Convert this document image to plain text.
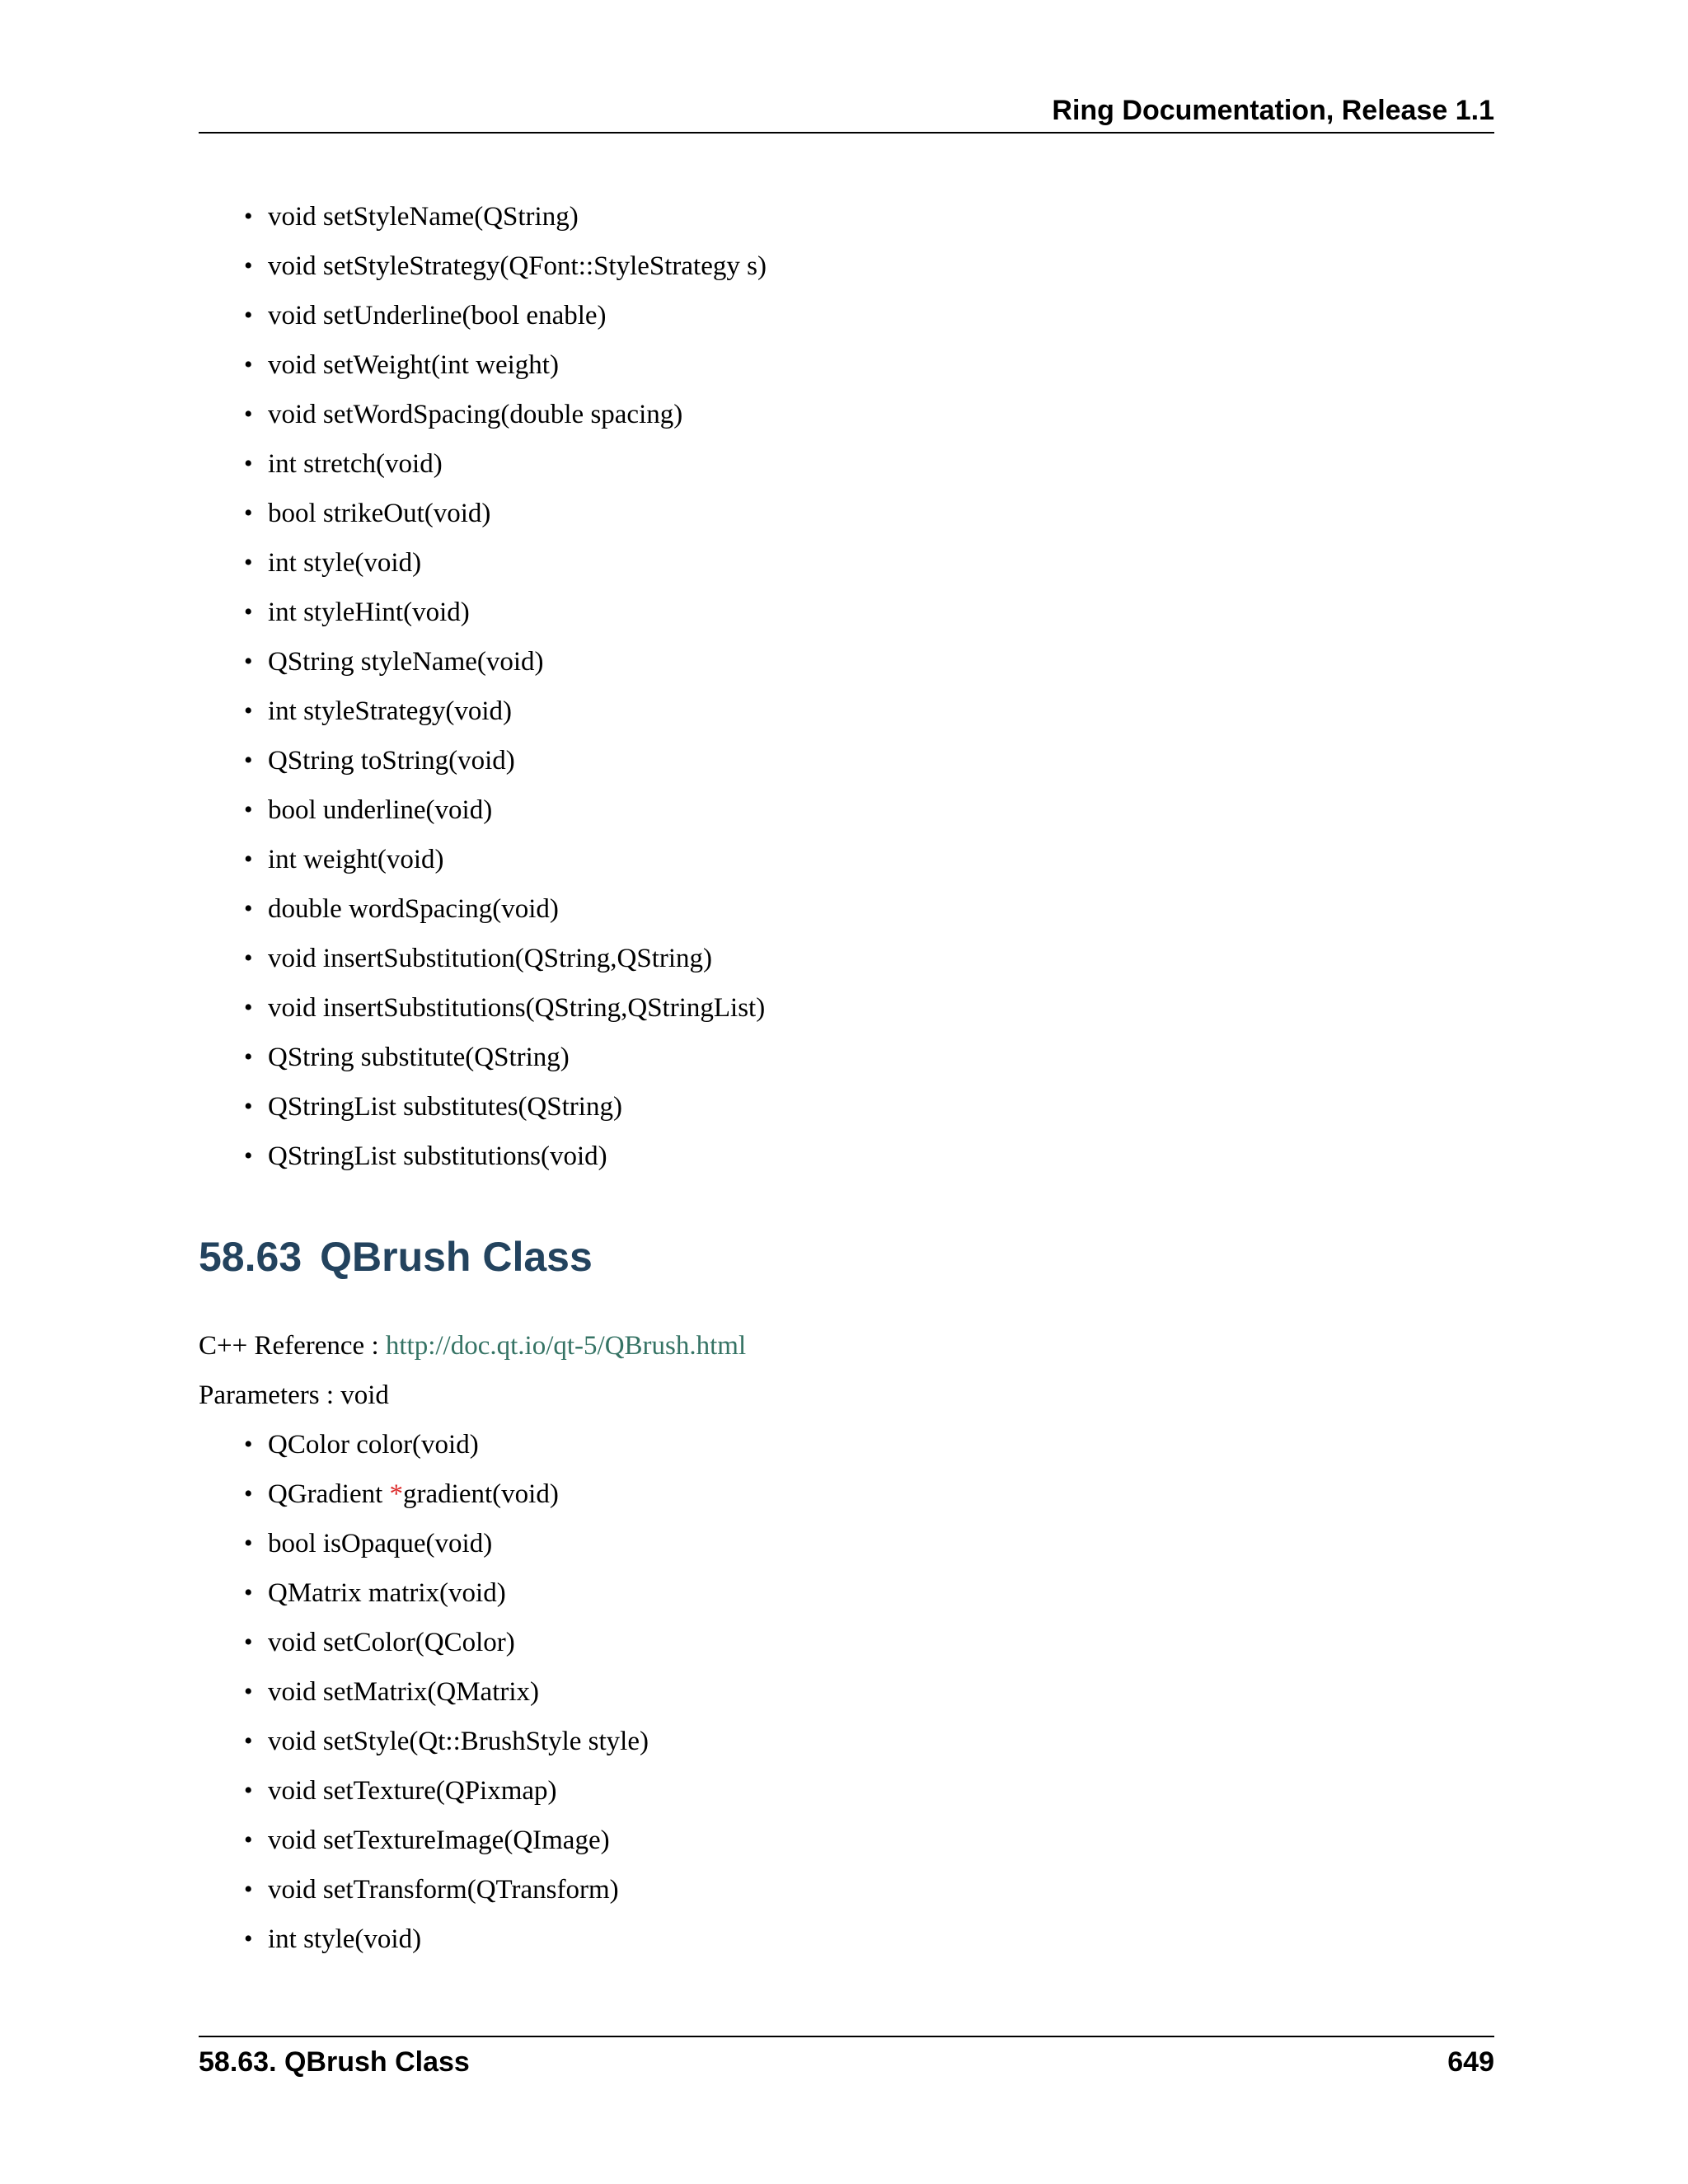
Ring Documentation, Release 1.1
• void setStyleName(QString)
• void setStyleStrategy(QFont::StyleStrategy s)
• void setUnderline(bool enable)
• void setWeight(int weight)
• void setWordSpacing(double spacing)
• int stretch(void)
• bool strikeOut(void)
• int style(void)
• int styleHint(void)
• QString styleName(void)
• int styleStrategy(void)
• QString toString(void)
• bool underline(void)
• int weight(void)
• double wordSpacing(void)
• void insertSubstitution(QString,QString)
• void insertSubstitutions(QString,QStringList)
• QString substitute(QString)
• QStringList substitutes(QString)
• QStringList substitutions(void)
58.63 QBrush Class
C++ Reference : http://doc.qt.io/qt-5/QBrush.html
Parameters : void
• QColor color(void)
• QGradient *gradient(void)
• bool isOpaque(void)
• QMatrix matrix(void)
• void setColor(QColor)
• void setMatrix(QMatrix)
• void setStyle(Qt::BrushStyle style)
• void setTexture(QPixmap)
• void setTextureImage(QImage)
• void setTransform(QTransform)
• int style(void)
58.63. QBrush Class	649
